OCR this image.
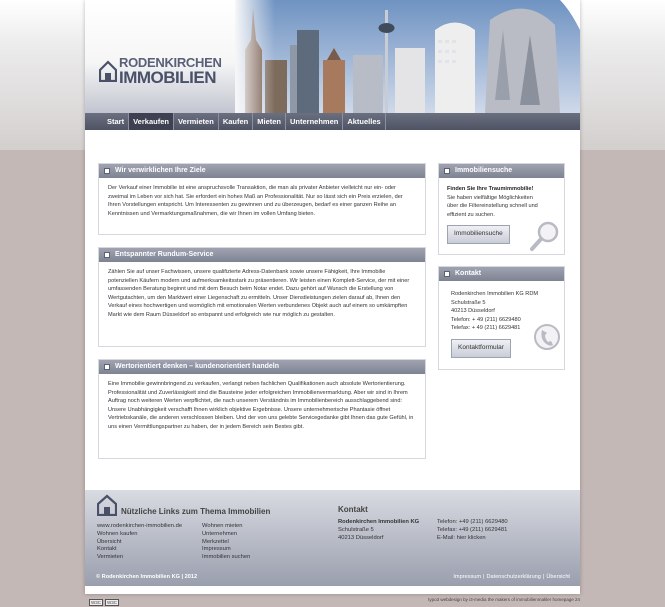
RODENKIRCHEN
IMMOBILIEN
Start	Verkaufen	Vermieten	Kaufen	Mieten	Unternehmen	Aktuelles
Wir verwirklichen Ihre Ziele
Der Verkauf einer Immobilie ist eine anspruchsvolle Transaktion, die man als privater Anbieter vielleicht nur ein- oder zweimal im Leben vor sich hat. Sie erfordert ein hohes Maß an Professionalität. Nur so lässt sich ein Preis erzielen, der Ihren Vorstellungen entspricht. Um Interessenten zu gewinnen und zu überzeugen, bedarf es einer ganzen Reihe an Kenntnissen und Vermarktungsmaßnahmen, die wir Ihnen im vollen Umfang bieten.
Entspannter Rundum-Service
Zählen Sie auf unser Fachwissen, unsere qualifizierte Adress-Datenbank sowie unsere Fähigkeit, Ihre Immobilie potenziellen Käufern modern und aufmerksamkeitsstark zu präsentieren. Wir leisten einen Komplett-Service, der mit einer umfassenden Beratung beginnt und mit dem Besuch beim Notar endet. Dazu gehört auf Wunsch die Erstellung von Wertgutachten, um den Marktwert einer Liegenschaft zu ermitteln. Unser Dienstleistungen zielen darauf ab, Ihnen den Verkauf eines hochwertigen und womöglich mit emotionalen Werten verbundenes Objekt auch auf einem so umkämpften Markt wie dem Raum Düsseldorf so entspannt und erfolgreich wie nur möglich zu gestalten.
Wertorientiert denken – kundenorientiert handeln
Eine Immobilie gewinnbringend zu verkaufen, verlangt neben fachlichen Qualifikationen auch absolute Wertorientierung. Professionalität und Zuverlässigkeit sind die Bausteine jeder erfolgreichen Immobilienvermarktung. Aber wir sind in Ihrem Auftrag noch weiteren Werten verpflichtet, die nach unserem Verständnis im Immobilienbereich ausschlaggebend sind: Unsere Unabhängigkeit verschafft Ihnen wirklich objektive Ergebnisse. Unsere unternehmerische Phantasie öffnet Vertriebskanäle, die anderen verschlossen bleiben. Und der von uns gelebte Servicegedanke gibt Ihnen das gute Gefühl, in uns einen Vermittlungspartner zu haben, der in jedem Bereich sein Bestes gibt.
Immobiliensuche
Finden Sie Ihre Traumimmobilie!
Sie haben vielfältige Möglichkeiten über die Filtereinstellung schnell und effizient zu suchen.
Immobiliensuche
Kontakt
Rodenkirchen Immobilien KG RDM
Schulstraße 5
40213 Düsseldorf
Telefon: + 49 (211) 6629480
Telefax: + 49 (211) 6629481
Kontaktformular
Nützliche Links zum Thema Immobilien
www.rodenkirchen-immobilien.de
Wohnen kaufen
Übersicht
Kontakt
Vermieten
Wohnen mieten
Unternehmen
Merkzettel
Impressum
Immobilien suchen
Kontakt
Rodenkirchen Immobilien KG
Schulstraße 5
40213 Düsseldorf
Telefon: +49 (211) 6629480
Telefax: +49 (211) 6629481
E-Mail: hier klicken
© Rodenkirchen Immobilien KG | 2012	Impressum | Datenschutzerklärung | Übersicht
W3C	W3C	typo3 webdesign by i3-media the makers of immobilienmakler homepage 24
